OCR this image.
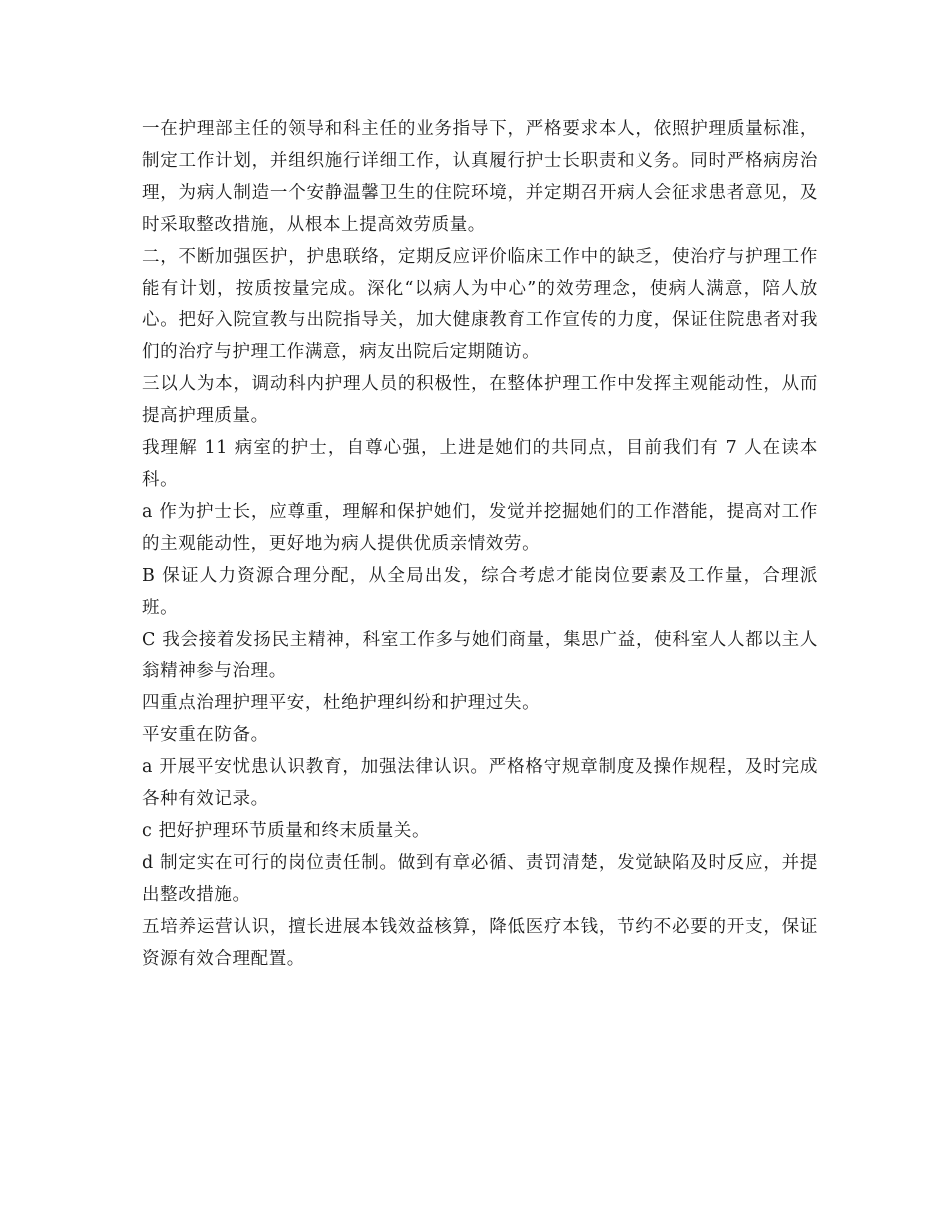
一在护理部主任的领导和科主任的业务指导下，严格要求本人，依照护理质量标准，制定工作计划，并组织施行详细工作，认真履行护士长职责和义务。同时严格病房治理，为病人制造一个安静温馨卫生的住院环境，并定期召开病人会征求患者意见，及时采取整改措施，从根本上提高效劳质量。

二，不断加强医护，护患联络，定期反应评价临床工作中的缺乏，使治疗与护理工作能有计划，按质按量完成。深化“以病人为中心”的效劳理念，使病人满意，陪人放心。把好入院宣教与出院指导关，加大健康教育工作宣传的力度，保证住院患者对我们的治疗与护理工作满意，病友出院后定期随访。

三以人为本，调动科内护理人员的积极性，在整体护理工作中发挥主观能动性，从而提高护理质量。

我理解 11 病室的护士，自尊心强，上进是她们的共同点，目前我们有 7 人在读本科。

a 作为护士长，应尊重，理解和保护她们，发觉并挖掘她们的工作潜能，提高对工作的主观能动性，更好地为病人提供优质亲情效劳。

B 保证人力资源合理分配，从全局出发，综合考虑才能岗位要素及工作量，合理派班。

C 我会接着发扬民主精神，科室工作多与她们商量，集思广益，使科室人人都以主人翁精神参与治理。

四重点治理护理平安，杜绝护理纠纷和护理过失。

平安重在防备。

a 开展平安忧患认识教育，加强法律认识。严格格守规章制度及操作规程，及时完成各种有效记录。

c 把好护理环节质量和终末质量关。

d 制定实在可行的岗位责任制。做到有章必循、责罚清楚，发觉缺陷及时反应，并提出整改措施。

五培养运营认识，擅长进展本钱效益核算，降低医疗本钱，节约不必要的开支，保证资源有效合理配置。
